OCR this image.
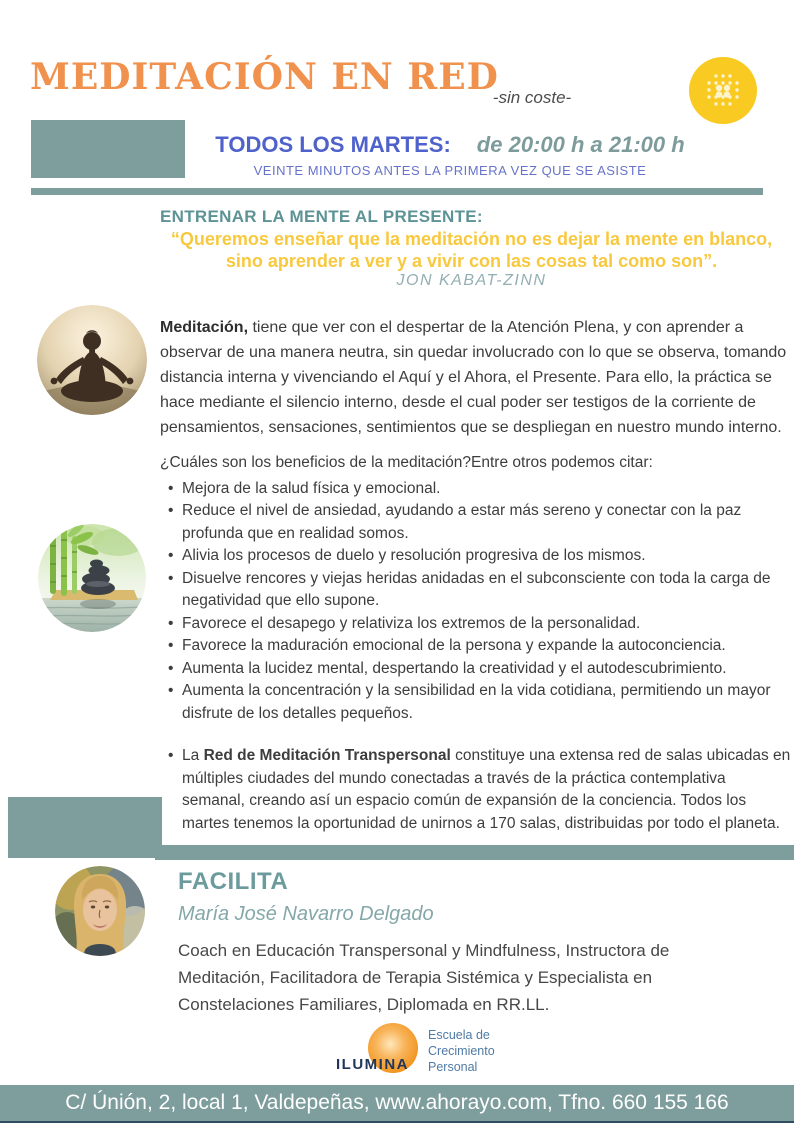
MEDITACIÓN EN RED
-sin coste-
TODOS LOS MARTES: de 20:00 h a 21:00 h
VEINTE MINUTOS ANTES LA PRIMERA VEZ QUE SE ASISTE
ENTRENAR LA MENTE AL PRESENTE:
“Queremos enseñar que la meditación no es dejar la mente en blanco,
sino aprender a ver y a vivir con las cosas tal como son”.
JON KABAT-ZINN
Meditación, tiene que ver con el despertar de la Atención Plena, y con aprender a observar de una manera neutra, sin quedar involucrado con lo que se observa, tomando distancia interna y vivenciando el Aquí y el Ahora, el Presente. Para ello, la práctica se hace mediante el silencio interno, desde el cual poder ser testigos de la corriente de pensamientos, sensaciones, sentimientos que se despliegan en nuestro mundo interno.
¿Cuáles son los beneficios de la meditación?Entre otros podemos citar:
• Mejora de la salud física y emocional.
• Reduce el nivel de ansiedad, ayudando a estar más sereno y conectar con la paz profunda que en realidad somos.
• Alivia los procesos de duelo y resolución progresiva de los mismos.
• Disuelve rencores y viejas heridas anidadas en el subconsciente con toda la carga de negatividad que ello supone.
• Favorece el desapego y relativiza los extremos de la personalidad.
• Favorece la maduración emocional de la persona y expande la autoconciencia.
• Aumenta la lucidez mental, despertando la creatividad y el autodescubrimiento.
• Aumenta la concentración y la sensibilidad en la vida cotidiana, permitiendo un mayor disfrute de los detalles pequeños.
• La Red de Meditación Transpersonal constituye una extensa red de salas ubicadas en múltiples ciudades del mundo conectadas a través de la práctica contemplativa semanal, creando así un espacio común de expansión de la conciencia. Todos los martes tenemos la oportunidad de unirnos a 170 salas, distribuidas por todo el planeta.
FACILITA
María José Navarro Delgado
Coach en Educación Transpersonal y Mindfulness, Instructora de Meditación, Facilitadora de Terapia Sistémica y Especialista en Constelaciones Familiares, Diplomada en RR.LL.
ILUMINA
Escuela de
Crecimiento
Personal
C/ Únión, 2, local 1, Valdepeñas, www.ahorayo.com, Tfno. 660 155 166
